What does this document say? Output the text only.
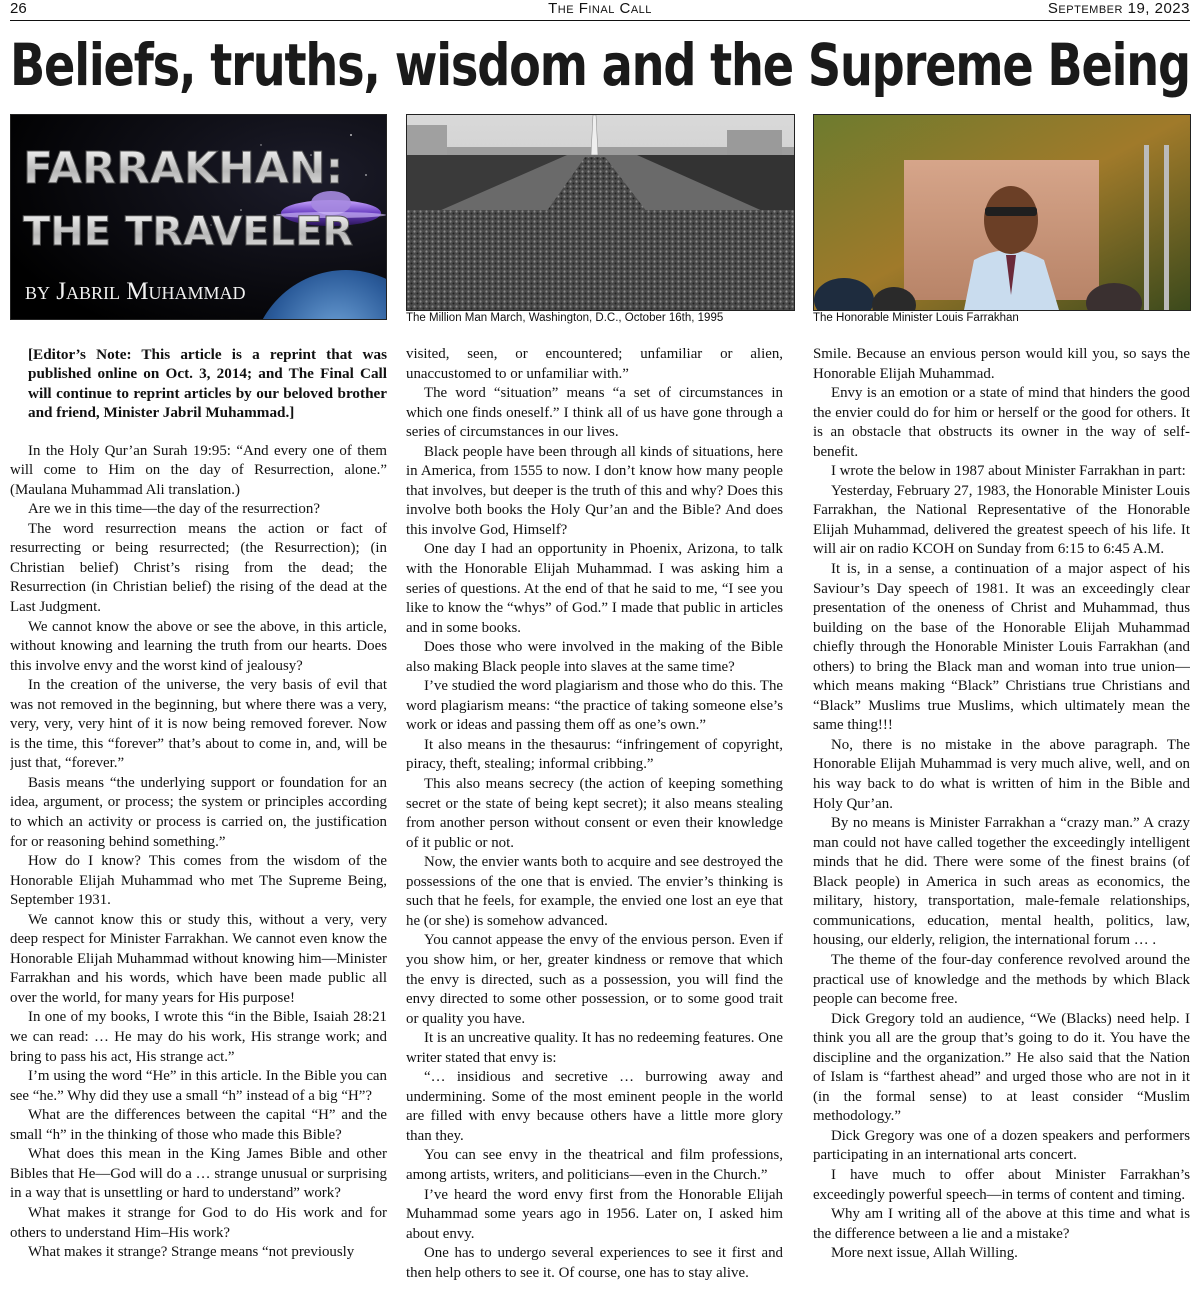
26	The Final Call	September 19, 2023
Beliefs, truths, wisdom and the Supreme Being
FARRAKHAN:
THE TRAVELER
by Jabril Muhammad
The Million Man March, Washington, D.C., October 16th, 1995	The Honorable Minister Louis Farrakhan

[Editor’s Note: This article is a reprint that was published online on Oct. 3, 2014; and The Final Call will continue to reprint articles by our beloved brother and friend, Minister Jabril Muhammad.]

In the Holy Qur’an Surah 19:95: “And every one of them will come to Him on the day of Resurrection, alone.” (Maulana Muhammad Ali translation.)

Are we in this time—the day of the resurrection?

The word resurrection means the action or fact of resurrecting or being resurrected; (the Resurrection); (in Christian belief) Christ’s rising from the dead; the Resurrection (in Christian belief) the rising of the dead at the Last Judgment.

We cannot know the above or see the above, in this article, without knowing and learning the truth from our hearts. Does this involve envy and the worst kind of jealousy?

In the creation of the universe, the very basis of evil that was not removed in the beginning, but where there was a very, very, very, very hint of it is now being removed forever. Now is the time, this “forever” that’s about to come in, and, will be just that, “forever.”

Basis means “the underlying support or foundation for an idea, argument, or process; the system or principles according to which an activity or process is carried on, the justification for or reasoning behind something.”

How do I know? This comes from the wisdom of the Honorable Elijah Muhammad who met The Supreme Being, September 1931.

We cannot know this or study this, without a very, very deep respect for Minister Farrakhan. We cannot even know the Honorable Elijah Muhammad without knowing him—Minister Farrakhan and his words, which have been made public all over the world, for many years for His purpose!

In one of my books, I wrote this “in the Bible, Isaiah 28:21 we can read: … He may do his work, His strange work; and bring to pass his act, His strange act.”

I’m using the word “He” in this article. In the Bible you can see “he.” Why did they use a small “h” instead of a big “H”?

What are the differences between the capital “H” and the small “h” in the thinking of those who made this Bible?

What does this mean in the King James Bible and other Bibles that He—God will do a … strange unusual or surprising in a way that is unsettling or hard to understand” work?

What makes it strange for God to do His work and for others to understand Him–His work?

What makes it strange? Strange means “not previously

visited, seen, or encountered; unfamiliar or alien, unaccustomed to or unfamiliar with.”

The word “situation” means “a set of circumstances in which one finds oneself.” I think all of us have gone through a series of circumstances in our lives.

Black people have been through all kinds of situations, here in America, from 1555 to now. I don’t know how many people that involves, but deeper is the truth of this and why? Does this involve both books the Holy Qur’an and the Bible? And does this involve God, Himself?

One day I had an opportunity in Phoenix, Arizona, to talk with the Honorable Elijah Muhammad. I was asking him a series of questions. At the end of that he said to me, “I see you like to know the “whys” of God.” I made that public in articles and in some books.

Does those who were involved in the making of the Bible also making Black people into slaves at the same time?

I’ve studied the word plagiarism and those who do this. The word plagiarism means: “the practice of taking someone else’s work or ideas and passing them off as one’s own.”

It also means in the thesaurus: “infringement of copyright, piracy, theft, stealing; informal cribbing.”

This also means secrecy (the action of keeping something secret or the state of being kept secret); it also means stealing from another person without consent or even their knowledge of it public or not.

Now, the envier wants both to acquire and see destroyed the possessions of the one that is envied. The envier’s thinking is such that he feels, for example, the envied one lost an eye that he (or she) is somehow advanced.

You cannot appease the envy of the envious person. Even if you show him, or her, greater kindness or remove that which the envy is directed, such as a possession, you will find the envy directed to some other possession, or to some good trait or quality you have.

It is an uncreative quality. It has no redeeming features. One writer stated that envy is:

“… insidious and secretive … burrowing away and undermining. Some of the most eminent people in the world are filled with envy because others have a little more glory than they.

You can see envy in the theatrical and film professions, among artists, writers, and politicians—even in the Church.”

I’ve heard the word envy first from the Honorable Elijah Muhammad some years ago in 1956. Later on, I asked him about envy.

One has to undergo several experiences to see it first and then help others to see it. Of course, one has to stay alive.

Smile. Because an envious person would kill you, so says the Honorable Elijah Muhammad.

Envy is an emotion or a state of mind that hinders the good the envier could do for him or herself or the good for others. It is an obstacle that obstructs its owner in the way of self-benefit.

I wrote the below in 1987 about Minister Farrakhan in part:

Yesterday, February 27, 1983, the Honorable Minister Louis Farrakhan, the National Representative of the Honorable Elijah Muhammad, delivered the greatest speech of his life. It will air on radio KCOH on Sunday from 6:15 to 6:45 A.M.

It is, in a sense, a continuation of a major aspect of his Saviour’s Day speech of 1981. It was an exceedingly clear presentation of the oneness of Christ and Muhammad, thus building on the base of the Honorable Elijah Muhammad chiefly through the Honorable Minister Louis Farrakhan (and others) to bring the Black man and woman into true union—which means making “Black” Christians true Christians and “Black” Muslims true Muslims, which ultimately mean the same thing!!!

No, there is no mistake in the above paragraph. The Honorable Elijah Muhammad is very much alive, well, and on his way back to do what is written of him in the Bible and Holy Qur’an.

By no means is Minister Farrakhan a “crazy man.” A crazy man could not have called together the exceedingly intelligent minds that he did. There were some of the finest brains (of Black people) in America in such areas as economics, the military, history, transportation, male-female relationships, communications, education, mental health, politics, law, housing, our elderly, religion, the international forum … .

The theme of the four-day conference revolved around the practical use of knowledge and the methods by which Black people can become free.

Dick Gregory told an audience, “We (Blacks) need help. I think you all are the group that’s going to do it. You have the discipline and the organization.” He also said that the Nation of Islam is “farthest ahead” and urged those who are not in it (in the formal sense) to at least consider “Muslim methodology.”

Dick Gregory was one of a dozen speakers and performers participating in an international arts concert.

I have much to offer about Minister Farrakhan’s exceedingly powerful speech—in terms of content and timing.

Why am I writing all of the above at this time and what is the difference between a lie and a mistake?

More next issue, Allah Willing.
